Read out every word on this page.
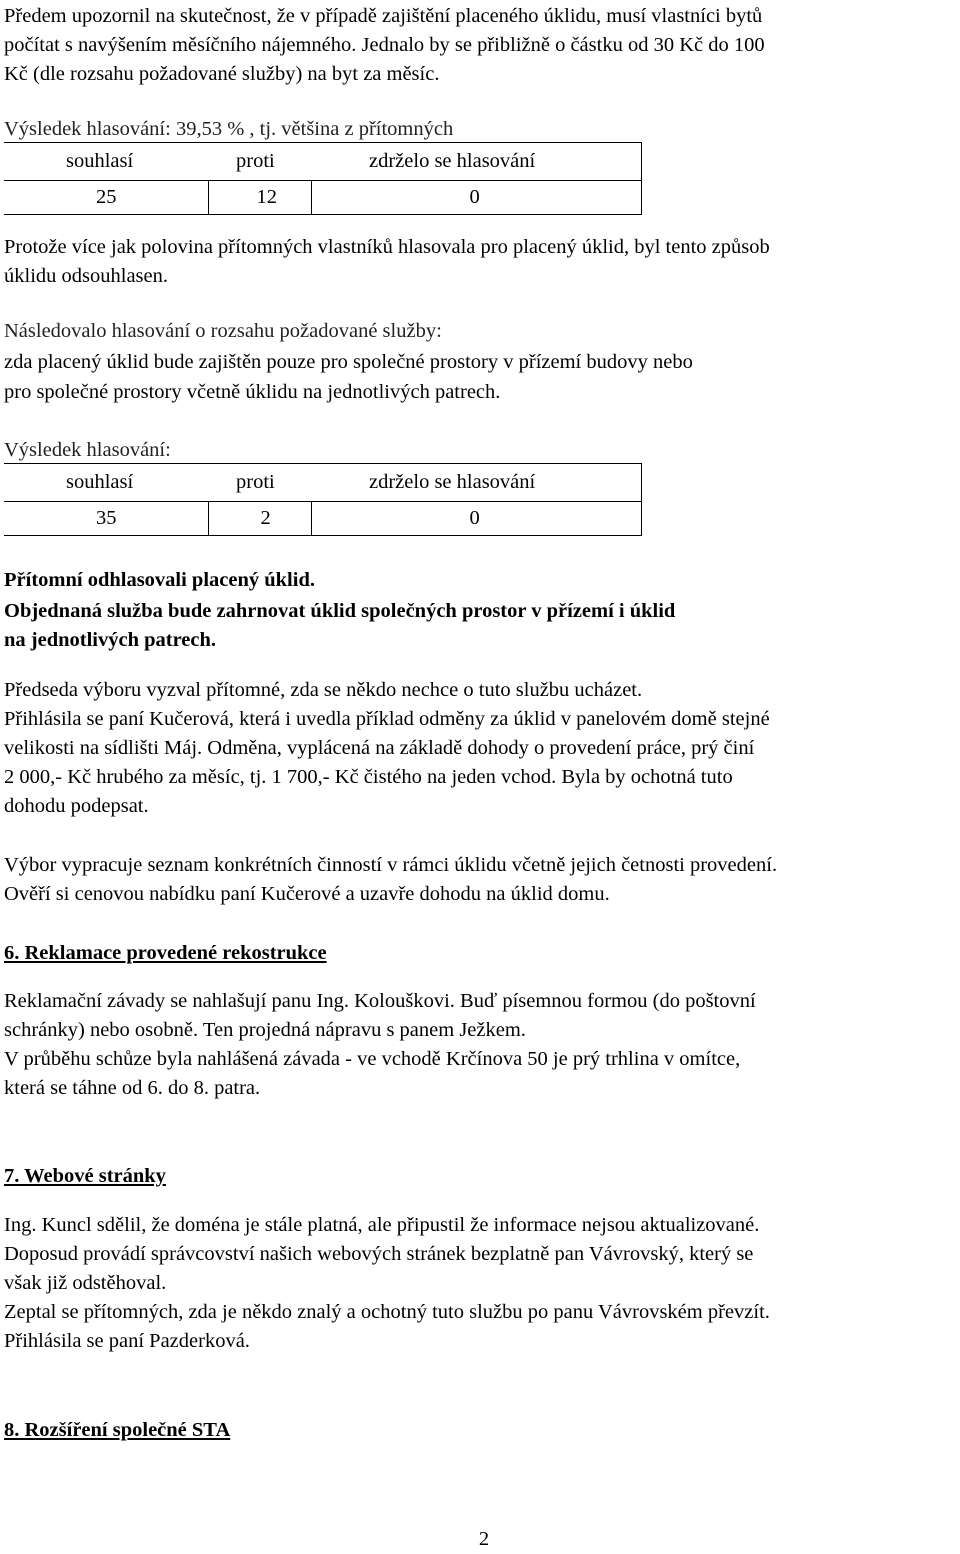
Předem upozornil na skutečnost, že v případě zajištění placeného úklidu, musí vlastníci bytů

počítat s navýšením měsíčního nájemného. Jednalo by se přibližně o částku od 30 Kč do 100

Kč (dle rozsahu požadované služby) na byt za měsíc.

Výsledek hlasování: 39,53 % , tj. většina z přítomných

souhlasí	proti	zdrželo se hlasování
25	12	0

Protože více jak polovina přítomných vlastníků hlasovala pro placený úklid, byl tento způsob

úklidu odsouhlasen.

Následovalo hlasování o rozsahu požadované služby:

zda placený úklid bude zajištěn pouze pro společné prostory v přízemí budovy nebo

pro společné prostory včetně úklidu na jednotlivých patrech.

Výsledek hlasování:

souhlasí	proti	zdrželo se hlasování
35	2	0

Přítomní odhlasovali placený úklid.

Objednaná služba bude zahrnovat úklid společných prostor v přízemí i úklid

na jednotlivých patrech.

Předseda výboru vyzval přítomné, zda se někdo nechce o tuto službu ucházet.

Přihlásila se paní Kučerová, která i uvedla příklad odměny za úklid v panelovém domě stejné

velikosti na sídlišti Máj. Odměna, vyplácená na základě dohody o provedení práce, prý činí

2 000,- Kč hrubého za měsíc, tj. 1 700,- Kč čistého na jeden vchod. Byla by ochotná tuto

dohodu podepsat.

Výbor vypracuje seznam konkrétních činností v rámci úklidu včetně jejich četnosti provedení.

Ověří si cenovou nabídku paní Kučerové a uzavře dohodu na úklid domu.

6. Reklamace provedené rekostrukce

Reklamační závady se nahlašují panu Ing. Kolouškovi. Buď písemnou formou (do poštovní

schránky) nebo osobně. Ten projedná nápravu s panem Ježkem.

V průběhu schůze byla nahlášená závada - ve vchodě Krčínova 50 je prý trhlina v omítce,

která se táhne od 6. do 8. patra.

7. Webové stránky

Ing. Kuncl sdělil, že doména je stále platná, ale připustil že informace nejsou aktualizované.

Doposud provádí správcovství našich webových stránek bezplatně pan Vávrovský, který se

však již odstěhoval.

Zeptal se přítomných, zda je někdo znalý a ochotný tuto službu po panu Vávrovském převzít.

Přihlásila se paní Pazderková.

8. Rozšíření společné STA

2
